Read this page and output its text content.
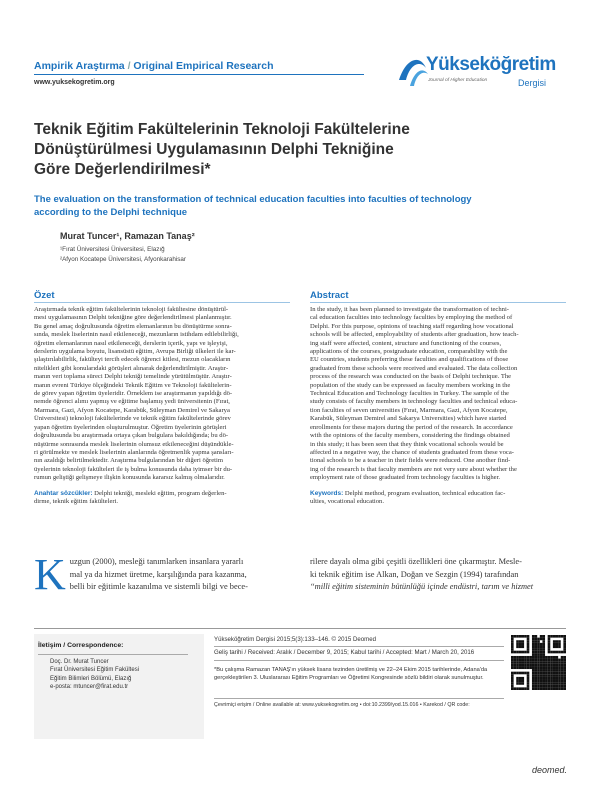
Ampirik Araştırma / Original Empirical Research
www.yuksekogretim.org
Yükseköğretim
Journal of Higher Education	Dergisi
Teknik Eğitim Fakültelerinin Teknoloji Fakültelerine
Dönüştürülmesi Uygulamasının Delphi Tekniğine
Göre Değerlendirilmesi*
The evaluation on the transformation of technical education faculties into faculties of technology
according to the Delphi technique
Murat Tuncer¹, Ramazan Tanaş²
¹Fırat Üniversitesi Üniversitesi, Elazığ
²Afyon Kocatepe Üniversitesi, Afyonkarahisar
Özet
Araştırmada teknik eğitim fakültelerinin teknoloji fakültesine dönüştürül-
mesi uygulamasının Delphi tekniğine göre değerlendirilmesi planlanmıştır.
Bu genel amaç doğrultusunda öğretim elemanlarının bu dönüştürme sonra-
sında, meslek liselerinin nasıl etkileneceği, mezunların istihdam edilebilirliği,
öğretim elemanlarının nasıl etkileneceği, derslerin içerik, yapı ve işleyişi,
derslerin uygulama boyutu, lisansüstü eğitim, Avrupa Birliği ülkeleri ile kar-
şılaştırılabilirlik, fakülteyi tercih edecek öğrenci kitlesi, mezun olacakların
nitelikleri gibi konularıdaki görüşleri alınarak değerlendirilmiştir. Araştır-
manın veri toplama süreci Delphi tekniği temelinde yürütülmüştür. Araştır-
manın evreni Türkiye ölçeğindeki Teknik Eğitim ve Teknoloji fakültelerin-
de görev yapan öğretim üyeleridir. Örneklem ise araştırmanın yapıldığı dö-
nemde öğrenci alımı yapmış ve eğitime başlamış yedi üniversitenin (Fırat,
Marmara, Gazi, Afyon Kocatepe, Karabük, Süleyman Demirel ve Sakarya
Üniversitesi) teknoloji fakültelerinde ve teknik eğitim fakültelerinde görev
yapan öğretim üyelerinden oluşturulmuştur. Öğretim üyelerinin görüşleri
doğrultusunda bu araştırmada ortaya çıkan bulgulara bakıldığında; bu dö-
nüştürme sonrasında meslek liselerinin olumsuz etkileneceğini düşündükle-
ri görülmekte ve meslek liselerinin alanlarında öğretmenlik yapma şansları-
nın azaldığı belirtilmektedir. Araştırma bulgularından bir diğeri öğretim
üyelerinin teknoloji fakülteleri ile iş bulma konusunda daha iyimser bir du-
rumun geliştiği gelişmeye ilişkin konusunda kararsız kalmış olmalarıdır.
Anahtar sözcükler: Delphi tekniği, mesleki eğitim, program değerlen-
dirme, teknik eğitim fakülteleri.
Abstract
In the study, it has been planned to investigate the transformation of techni-
cal education faculties into technology faculties by employing the method of
Delphi. For this purpose, opinions of teaching staff regarding how vocational
schools will be affected, employability of students after graduation, how teach-
ing staff were affected, content, structure and functioning of the courses,
applications of the courses, postgraduate education, comparability with the
EU countries, students preferring these faculties and qualifications of those
graduated from these schools were received and evaluated. The data collection
process of the research was conducted on the basis of Delphi technique. The
population of the study can be expressed as faculty members working in the
Technical Education and Technology faculties in Turkey. The sample of the
study consists of faculty members in technology faculties and technical educa-
tion faculties of seven universities (Fırat, Marmara, Gazi, Afyon Kocatepe,
Karabük, Süleyman Demirel and Sakarya Universities) which have started
enrollments for these majors during the period of the research. In accordance
with the opinions of the faculty members, considering the findings obtained
in this study; it has been seen that they think vocational schools would be
affected in a negative way, the chance of students graduated from these voca-
tional schools to be a teacher in their fields were reduced. One another find-
ing of the research is that faculty members are not very sure about whether the
employment rate of those graduated from technology faculties is higher.
Keywords: Delphi method, program evaluation, technical education fac-
ulties, vocational education.
K uzgun (2000), mesleği tanımlarken insanlara yararlı
mal ya da hizmet üretme, karşılığında para kazanma,
belli bir eğitimle kazanılma ve sistemli bilgi ve bece-
rilere dayalı olma gibi çeşitli özellikleri öne çıkarmıştır. Mesle-
ki teknik eğitim ise Alkan, Doğan ve Sezgin (1994) tarafından
“milli eğitim sisteminin bütünlüğü içinde endüstri, tarım ve hizmet
İletişim / Correspondence:
Doç. Dr. Murat Tuncer
Fırat Üniversitesi Eğitim Fakültesi
Eğitim Bilimleri Bölümü, Elazığ
e-posta: mtuncer@firat.edu.tr
Yükseköğretim Dergisi 2015;5(3):133–146. © 2015 Deomed
Geliş tarihi / Received: Aralık / December 9, 2015; Kabul tarihi / Accepted: Mart / March 20, 2016
*Bu çalışma Ramazan TANAŞ'ın yüksek lisans tezinden üretilmiş ve 22–24 Ekim 2015 tarihlerinde, Adana'da
gerçekleştirilen 3. Uluslararası Eğitim Programları ve Öğretimi Kongresinde sözlü bildiri olarak sunulmuştur.
Çevrimiçi erişim / Online available at: www.yuksekogretim.org • doi:10.2399/yod.15.016 • Karekod / QR code:
deomed.
